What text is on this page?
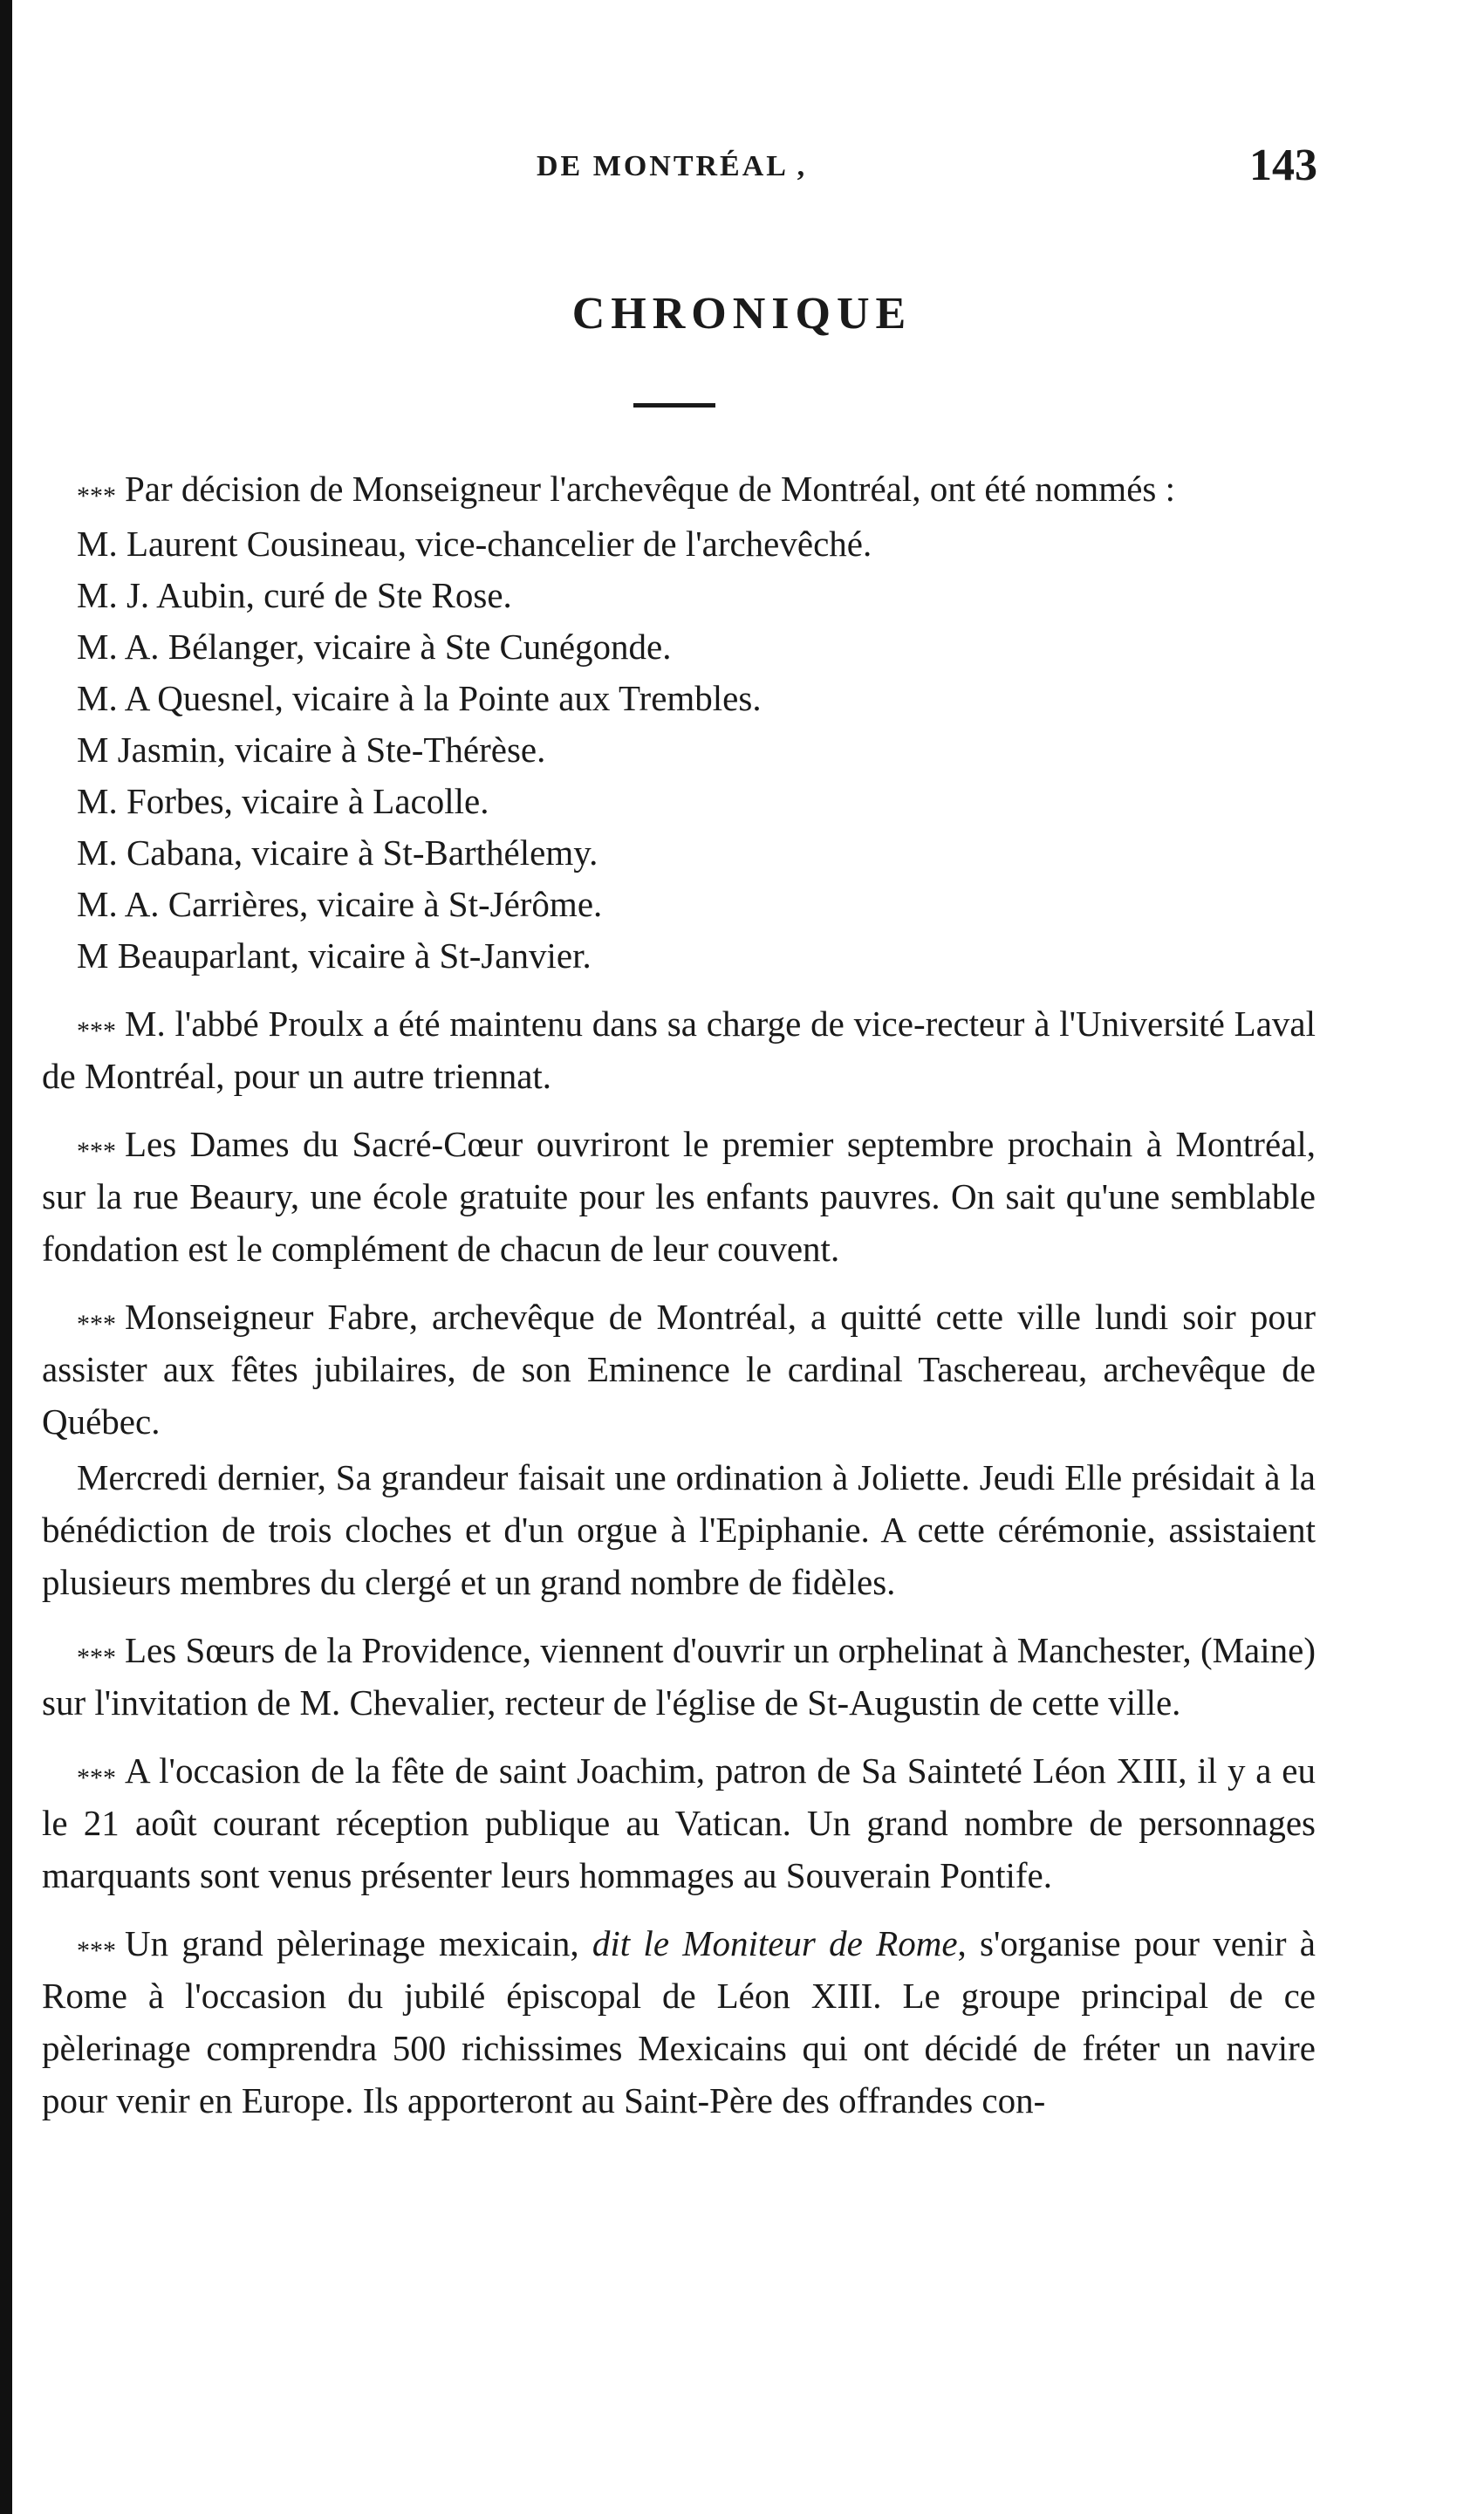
DE MONTRÉAL ,	143
CHRONIQUE

*** Par décision de Monseigneur l'archevêque de Montréal, ont été nommés :

M. Laurent Cousineau, vice-chancelier de l'archevêché.
M. J. Aubin, curé de Ste Rose.
M. A. Bélanger, vicaire à Ste Cunégonde.
M. A Quesnel, vicaire à la Pointe aux Trembles.
M Jasmin, vicaire à Ste-Thérèse.
M. Forbes, vicaire à Lacolle.
M. Cabana, vicaire à St-Barthélemy.
M. A. Carrières, vicaire à St-Jérôme.
M Beauparlant, vicaire à St-Janvier.

*** M. l'abbé Proulx a été maintenu dans sa charge de vice-recteur à l'Université Laval de Montréal, pour un autre triennat.

*** Les Dames du Sacré-Cœur ouvriront le premier septembre prochain à Montréal, sur la rue Beaury, une école gratuite pour les enfants pauvres. On sait qu'une semblable fondation est le complément de chacun de leur couvent.

*** Monseigneur Fabre, archevêque de Montréal, a quitté cette ville lundi soir pour assister aux fêtes jubilaires, de son Eminence le cardinal Taschereau, archevêque de Québec.

Mercredi dernier, Sa grandeur faisait une ordination à Joliette. Jeudi Elle présidait à la bénédiction de trois cloches et d'un orgue à l'Epiphanie. A cette cérémonie, assistaient plusieurs membres du clergé et un grand nombre de fidèles.

*** Les Sœurs de la Providence, viennent d'ouvrir un orphelinat à Manchester, (Maine) sur l'invitation de M. Chevalier, recteur de l'église de St-Augustin de cette ville.

*** A l'occasion de la fête de saint Joachim, patron de Sa Sainteté Léon XIII, il y a eu le 21 août courant réception publique au Vatican. Un grand nombre de personnages marquants sont venus présenter leurs hommages au Souverain Pontife.

*** Un grand pèlerinage mexicain, dit le Moniteur de Rome, s'organise pour venir à Rome à l'occasion du jubilé épiscopal de Léon XIII. Le groupe principal de ce pèlerinage comprendra 500 richissimes Mexicains qui ont décidé de fréter un navire pour venir en Europe. Ils apporteront au Saint-Père des offrandes con-
